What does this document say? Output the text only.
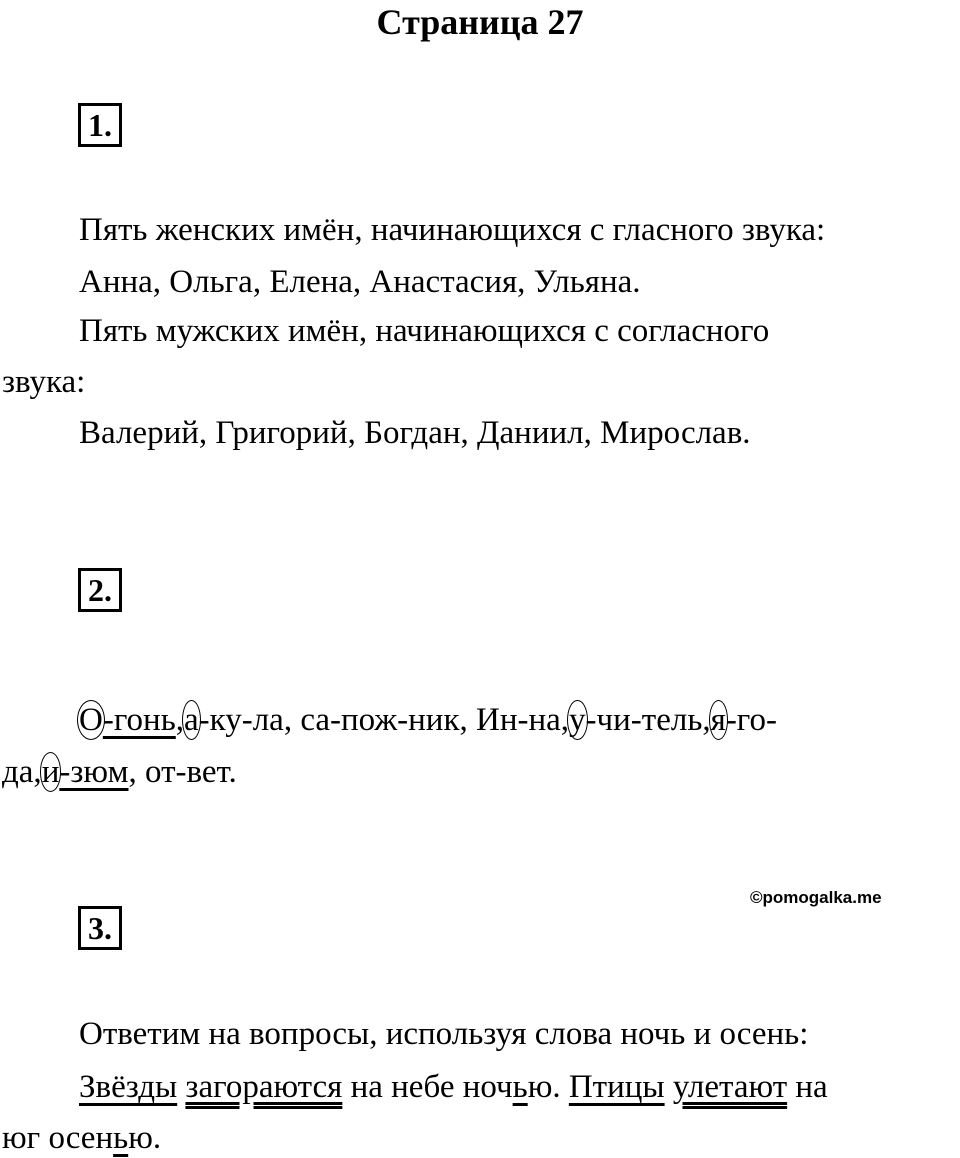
Страница 27
1.
Пять женских имён, начинающихся с гласного звука:
Анна, Ольга, Елена, Анастасия, Ульяна.
Пять мужских имён, начинающихся с согласного
звука:
Валерий, Григорий, Богдан, Даниил, Мирослав.
2.
О-гонь,а-ку-ла, са-пож-ник, Ин-на,у-чи-тель,я-го-
да,и-зюм, от-вет.
©pomogalka.me
3.
Ответим на вопросы, используя слова ночь и осень:
Звёзды загораются на небе ночью. Птицы улетают на
юг осенью.
